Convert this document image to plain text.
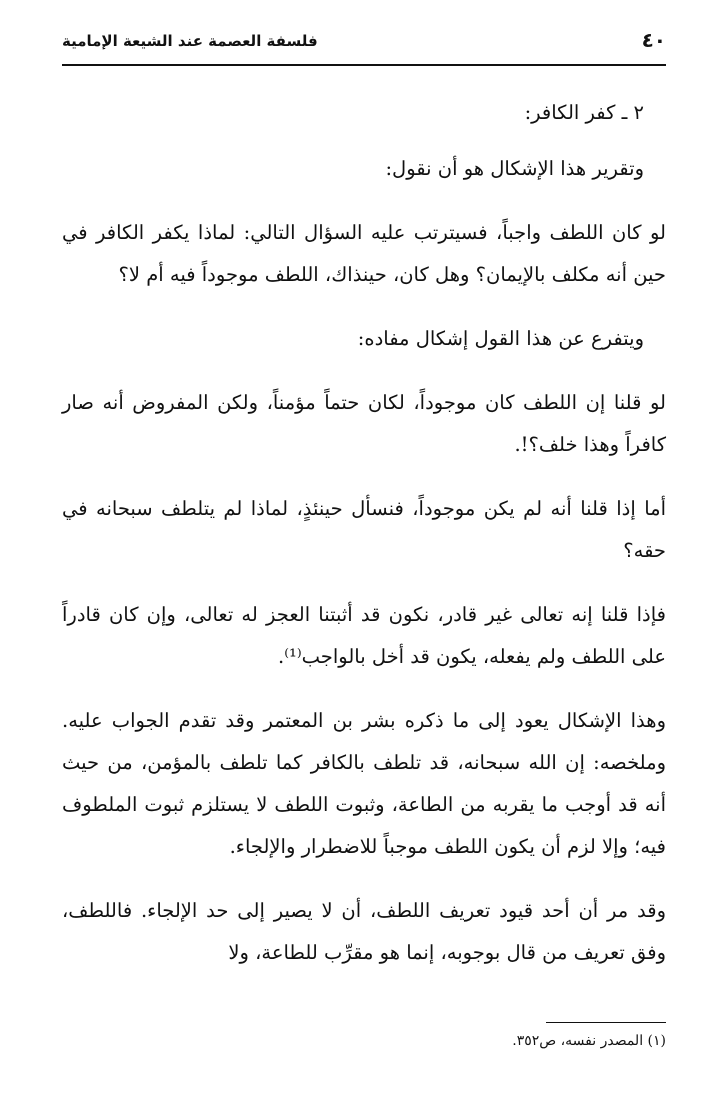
فلسفة العصمة عند الشيعة الإمامية	٤٠

٢ ـ كفر الكافر:

وتقرير هذا الإشكال هو أن نقول:

لو كان اللطف واجباً، فسيترتب عليه السؤال التالي: لماذا يكفر الكافر في حين أنه مكلف بالإيمان؟ وهل كان، حينذاك، اللطف موجوداً فيه أم لا؟

ويتفرع عن هذا القول إشكال مفاده:

لو قلنا إن اللطف كان موجوداً، لكان حتماً مؤمناً، ولكن المفروض أنه صار كافراً وهذا خلف؟!.

أما إذا قلنا أنه لم يكن موجوداً، فنسأل حينئذٍ، لماذا لم يتلطف سبحانه في حقه؟

فإذا قلنا إنه تعالى غير قادر، نكون قد أثبتنا العجز له تعالى، وإن كان قادراً على اللطف ولم يفعله، يكون قد أخل بالواجب⁽¹⁾.

وهذا الإشكال يعود إلى ما ذكره بشر بن المعتمر وقد تقدم الجواب عليه. وملخصه: إن الله سبحانه، قد تلطف بالكافر كما تلطف بالمؤمن، من حيث أنه قد أوجب ما يقربه من الطاعة، وثبوت اللطف لا يستلزم ثبوت الملطوف فيه؛ وإلا لزم أن يكون اللطف موجباً للاضطرار والإلجاء.

وقد مر أن أحد قيود تعريف اللطف، أن لا يصير إلى حد الإلجاء. فاللطف، وفق تعريف من قال بوجوبه، إنما هو مقرِّب للطاعة، ولا

(١) المصدر نفسه، ص٣٥٢.
